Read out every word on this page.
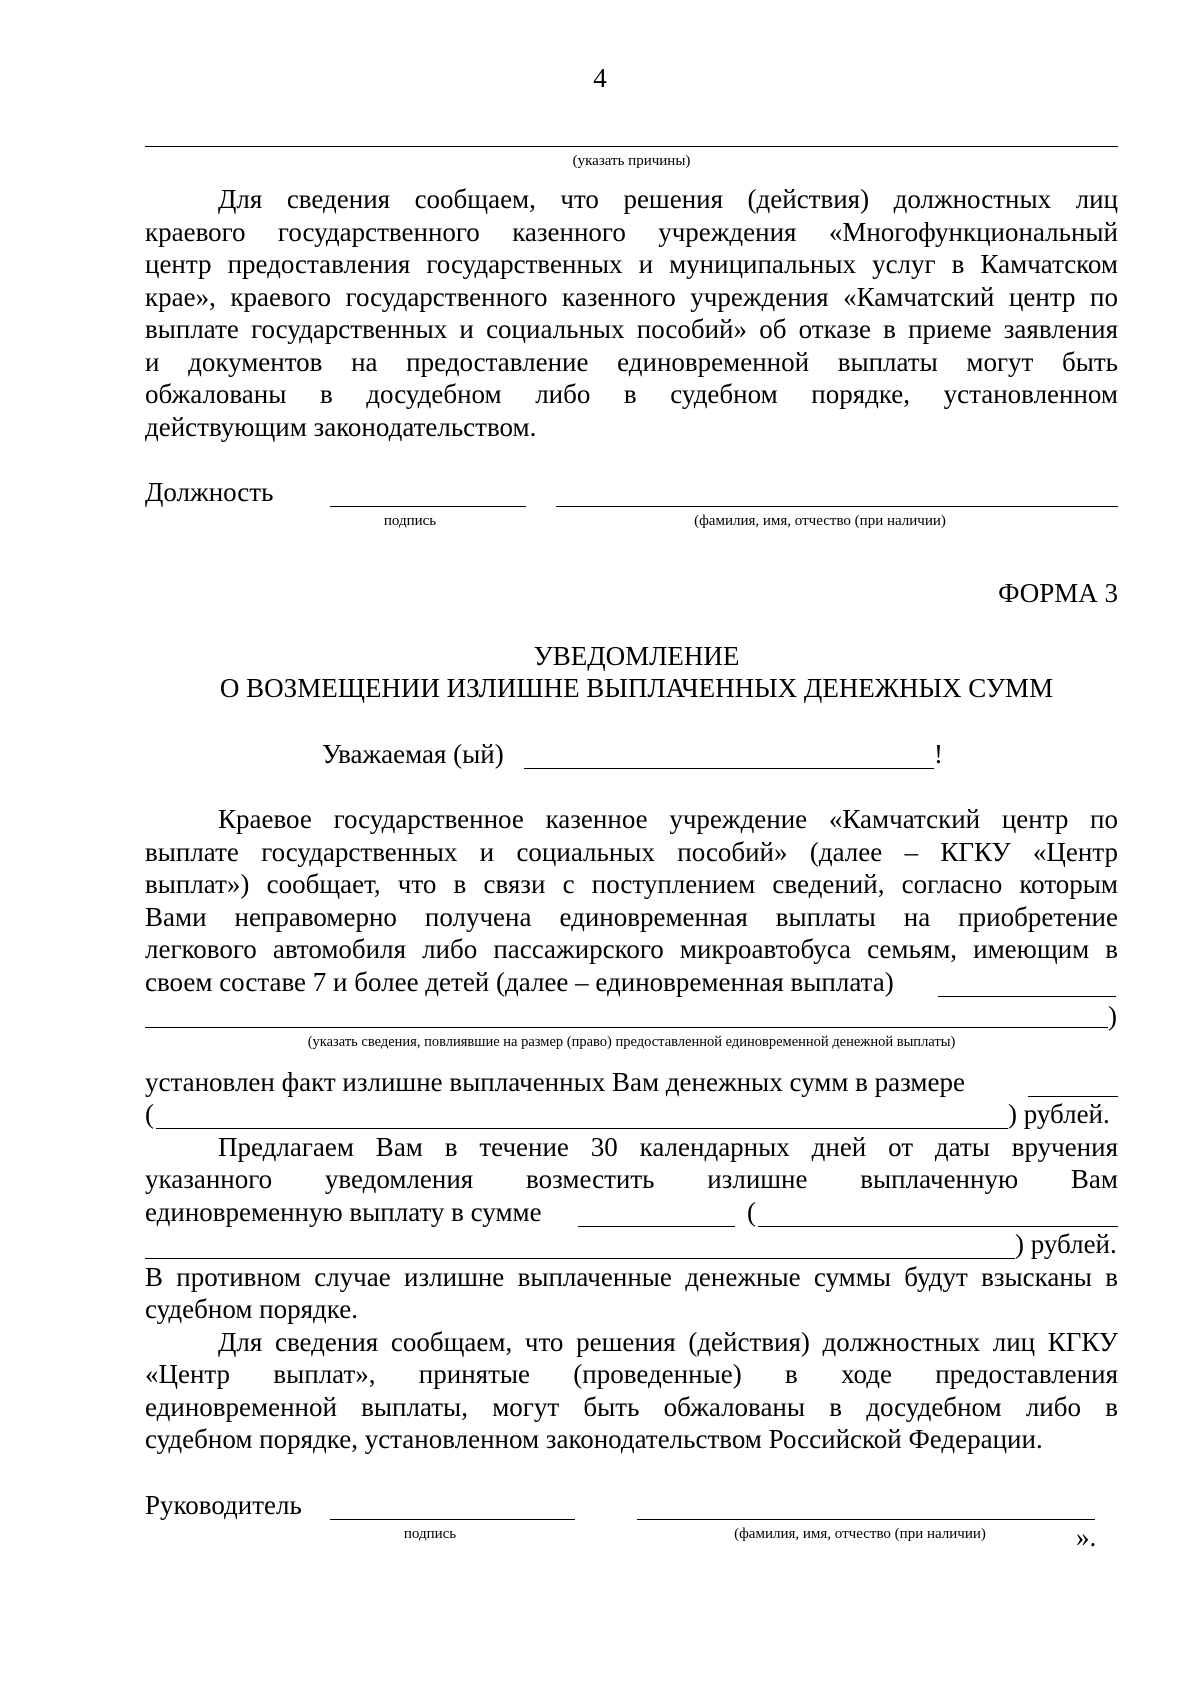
4
(указать причины)
Для сведения сообщаем, что решения (действия) должностных лиц
краевого государственного казенного учреждения «Многофункциональный
центр предоставления государственных и муниципальных услуг в Камчатском
крае», краевого государственного казенного учреждения «Камчатский центр по
выплате государственных и социальных пособий» об отказе в приеме заявления
и документов на предоставление единовременной выплаты могут быть
обжалованы в досудебном либо в судебном порядке, установленном
действующим законодательством.
Должность
подпись	(фамилия, имя, отчество (при наличии)
ФОРМА 3
УВЕДОМЛЕНИЕ
О ВОЗМЕЩЕНИИ ИЗЛИШНЕ ВЫПЛАЧЕННЫХ ДЕНЕЖНЫХ СУММ
Уважаемая (ый)	!
Краевое государственное казенное учреждение «Камчатский центр по
выплате государственных и социальных пособий» (далее – КГКУ «Центр
выплат») сообщает, что в связи с поступлением сведений, согласно которым
Вами неправомерно получена единовременная выплаты на приобретение
легкового автомобиля либо пассажирского микроавтобуса семьям, имеющим в
своем составе 7 и более детей (далее – единовременная выплата)
)
(указать сведения, повлиявшие на размер (право) предоставленной единовременной денежной выплаты)
установлен факт излишне выплаченных Вам денежных сумм в размере
(	) рублей.
Предлагаем Вам в течение 30 календарных дней от даты вручения
указанного уведомления возместить излишне выплаченную Вам
единовременную выплату в сумме	(
) рублей.
В противном случае излишне выплаченные денежные суммы будут взысканы в
судебном порядке.
Для сведения сообщаем, что решения (действия) должностных лиц КГКУ
«Центр выплат», принятые (проведенные) в ходе предоставления
единовременной выплаты, могут быть обжалованы в досудебном либо в
судебном порядке, установленном законодательством Российской Федерации.
Руководитель
подпись	(фамилия, имя, отчество (при наличии)	».
